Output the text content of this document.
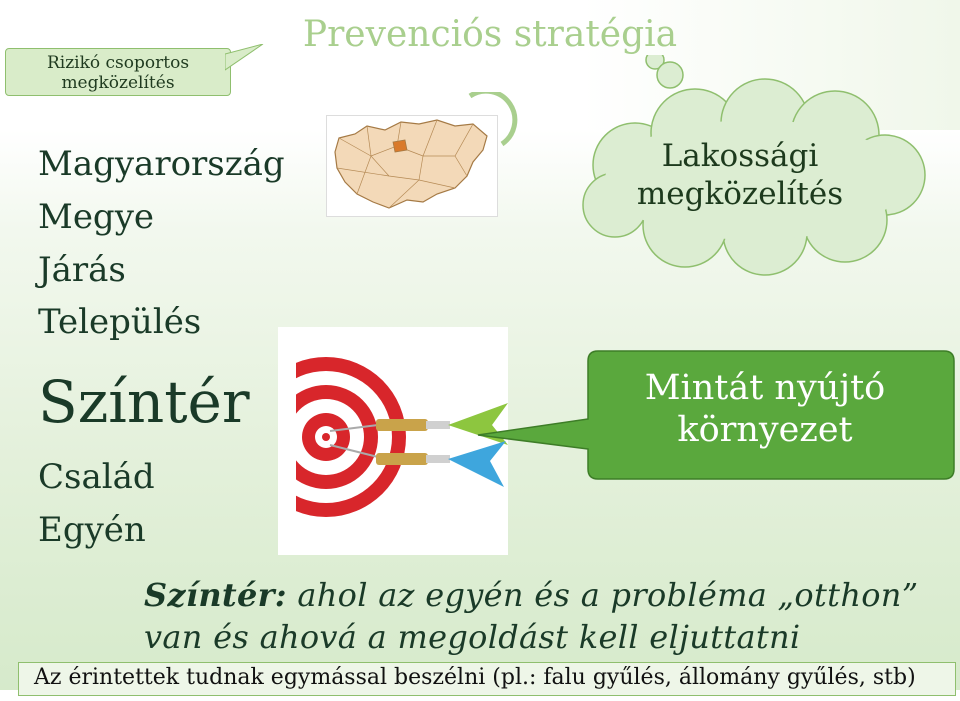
Prevenciós stratégia
Rizikó csoportos
megközelítés
Magyarország
Megye
Járás
Település
Színtér
Család
Egyén
Lakossági
megközelítés
Mintát nyújtó
környezet
Színtér: ahol az egyén és a probléma „otthon”
van és ahová a megoldást kell eljuttatni
Az érintettek tudnak egymással beszélni (pl.: falu gyűlés, állomány gyűlés, stb)
